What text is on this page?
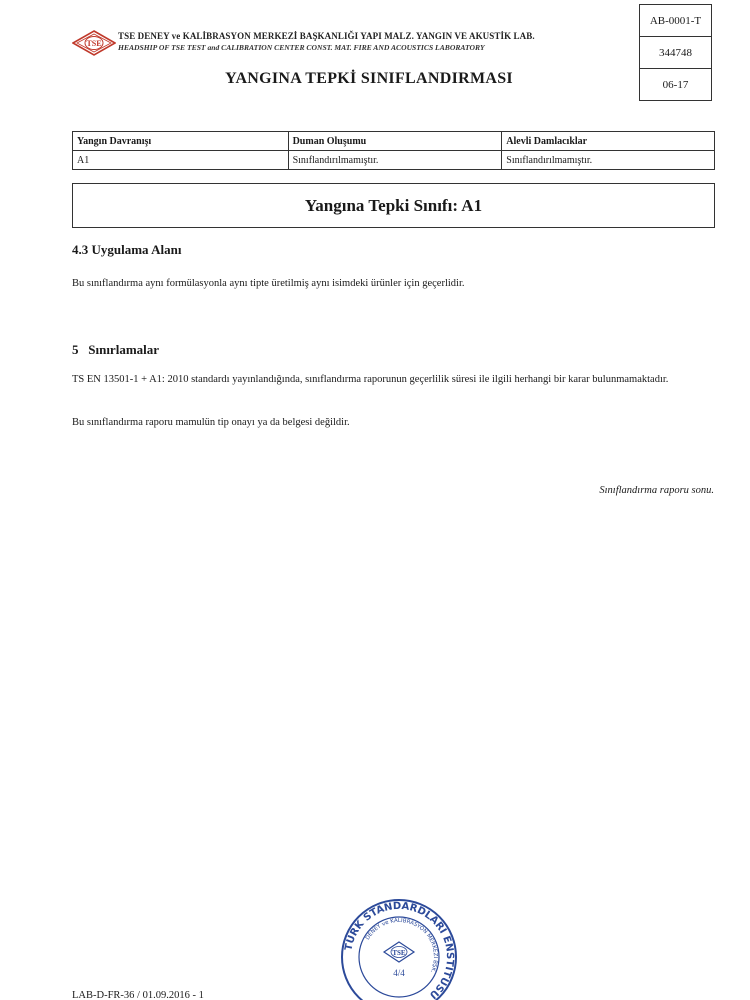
TSE
TSE DENEY ve KALİBRASYON MERKEZİ BAŞKANLIĞI YAPI MALZ. YANGIN VE AKUSTİK LAB.
HEADSHIP OF TSE TEST and CALIBRATION CENTER CONST. MAT. FIRE AND ACOUSTICS LABORATORY
AB-0001-T
344748
06-17
YANGINA TEPKİ SINIFLANDIRMASI
Yangın Davranışı	Duman Oluşumu	Alevli Damlacıklar
A1	Sınıflandırılmamıştır.	Sınıflandırılmamıştır.
Yangına Tepki Sınıfı: A1
4.3 Uygulama Alanı
Bu sınıflandırma aynı formülasyonla aynı tipte üretilmiş aynı isimdeki ürünler için geçerlidir.
5   Sınırlamalar
TS EN 13501-1 + A1: 2010 standardı yayınlandığında, sınıflandırma raporunun geçerlilik süresi ile ilgili herhangi bir karar bulunmamaktadır.
Bu sınıflandırma raporu mamulün tip onayı ya da belgesi değildir.
Sınıflandırma raporu sonu.
TÜRK STANDARDLARI ENSTİTÜSÜ
DENEY ve KALİBRASYON MERKEZİ BŞK.
TSE
4/4
LAB-D-FR-36 / 01.09.2016 - 1
